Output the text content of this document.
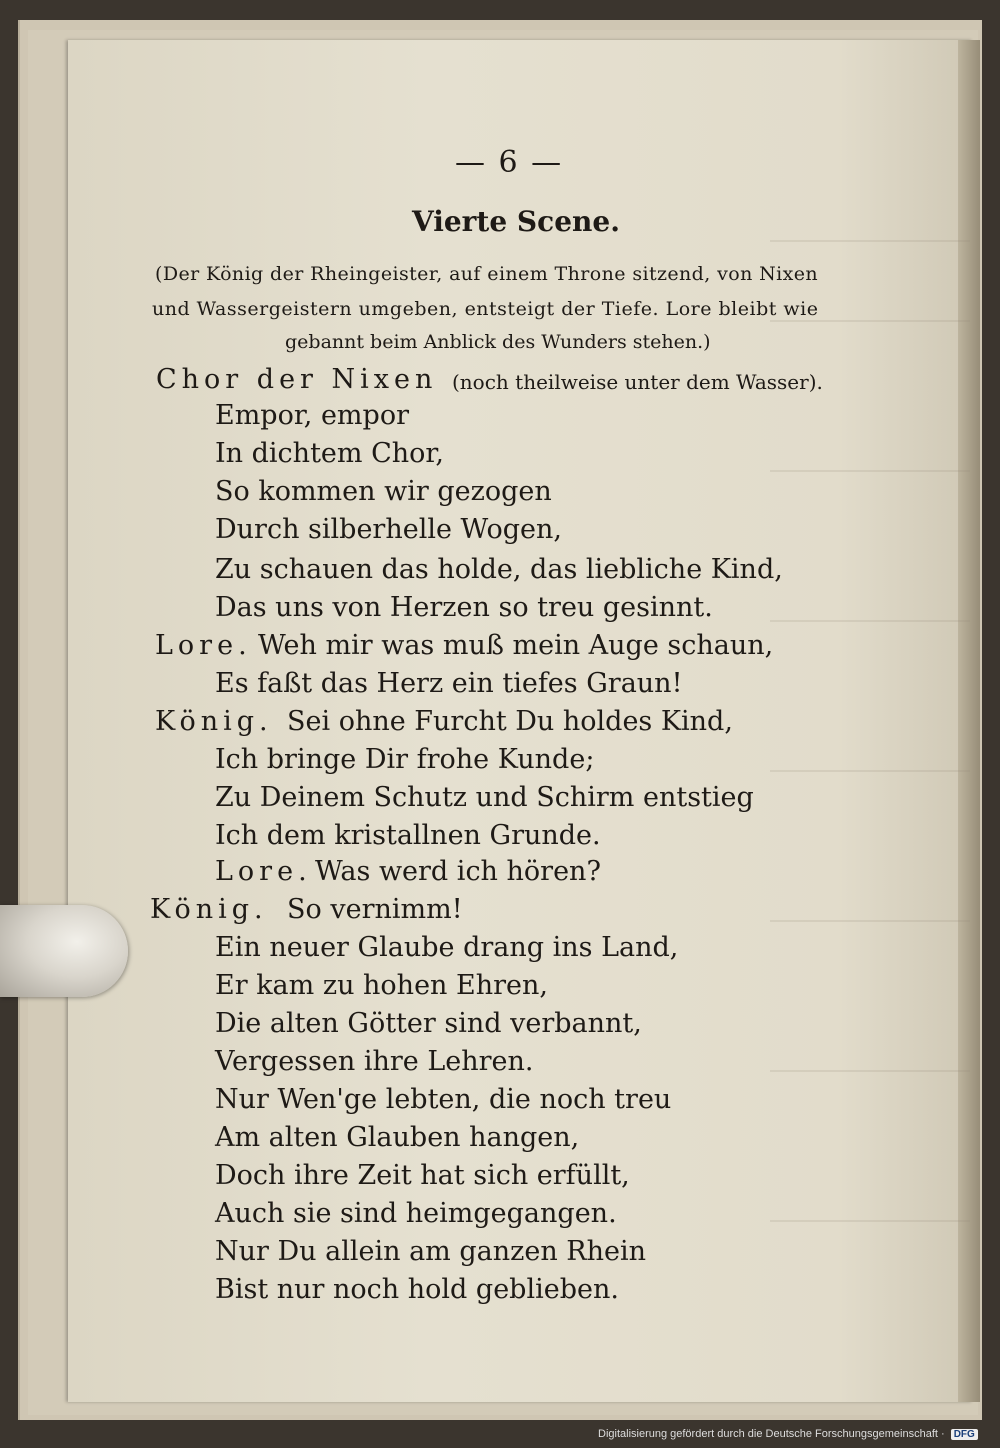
— 6 —
Vierte Scene.
(Der König der Rheingeister, auf einem Throne sitzend, von Nixen
und Wassergeistern umgeben, entsteigt der Tiefe. Lore bleibt wie
gebannt beim Anblick des Wunders stehen.)
Chor der Nixen (noch theilweise unter dem Wasser).
Empor, empor
In dichtem Chor,
So kommen wir gezogen
Durch silberhelle Wogen,
Zu schauen das holde, das liebliche Kind,
Das uns von Herzen so treu gesinnt.
Lore. Weh mir was muß mein Auge schaun,
Es faßt das Herz ein tiefes Graun!
König. Sei ohne Furcht Du holdes Kind,
Ich bringe Dir frohe Kunde;
Zu Deinem Schutz und Schirm entstieg
Ich dem kristallnen Grunde.
Lore. Was werd ich hören?
König. So vernimm!
Ein neuer Glaube drang ins Land,
Er kam zu hohen Ehren,
Die alten Götter sind verbannt,
Vergessen ihre Lehren.
Nur Wen'ge lebten, die noch treu
Am alten Glauben hangen,
Doch ihre Zeit hat sich erfüllt,
Auch sie sind heimgegangen.
Nur Du allein am ganzen Rhein
Bist nur noch hold geblieben.
Digitalisierung gefördert durch die Deutsche Forschungsgemeinschaft · DFG
